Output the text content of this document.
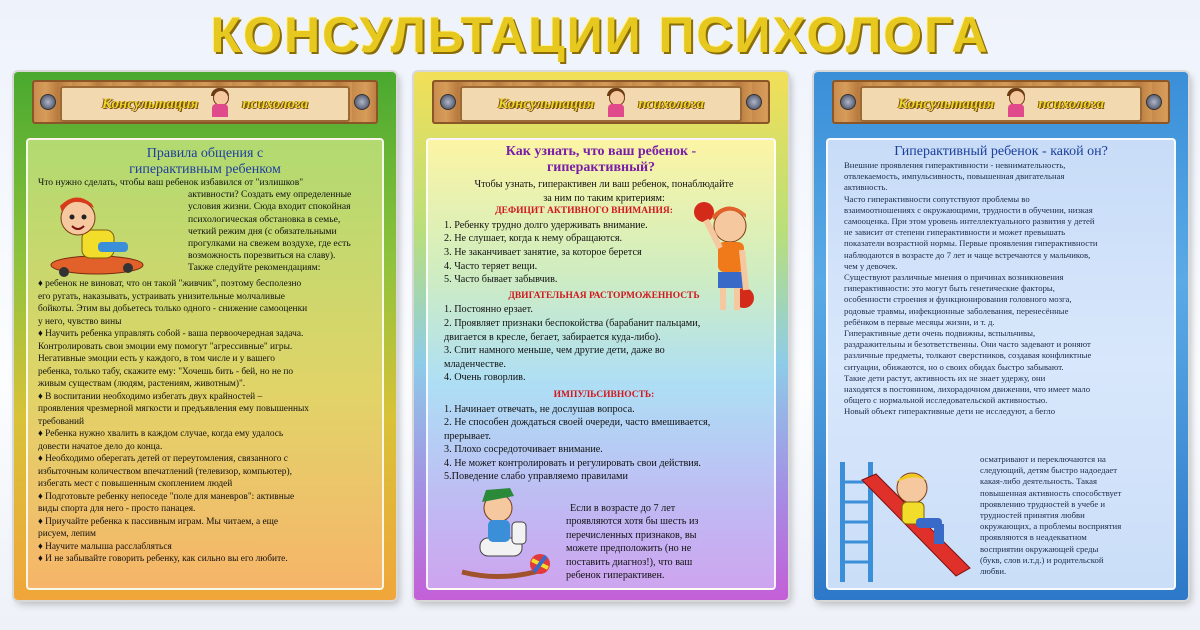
КОНСУЛЬТАЦИИ ПСИХОЛОГА
Консультация	психолога
Правила общения с
гиперактивным ребенком
Что нужно сделать, чтобы ваш ребенок избавился от "излишков"
активности? Создать ему определенные
условия жизни. Сюда входит спокойная
психологическая обстановка в семье,
четкий режим дня (с обязательными
прогулками на свежем воздухе, где есть
возможность порезвиться на славу).
Также следуйте рекомендациям:
♦ ребенок не виноват, что он такой "живчик", поэтому бесполезно
его ругать, наказывать, устраивать унизительные молчаливые
бойкоты. Этим вы добьетесь только одного - снижение самооценки
у него, чувство вины
♦ Научить ребенка управлять собой - ваша первоочередная задача.
Контролировать свои эмоции ему помогут "агрессивные" игры.
Негативные эмоции есть у каждого, в том числе и у вашего
ребенка, только табу, скажите ему: "Хочешь бить - бей, но не по
живым существам (людям, растениям, животным)".
♦ В воспитании необходимо избегать двух крайностей –
проявления чрезмерной мягкости и предъявления ему повышенных
требований
♦ Ребенка нужно хвалить в каждом случае, когда ему удалось
довести начатое дело до конца.
♦ Необходимо оберегать детей от переутомления, связанного с
избыточным количеством впечатлений (телевизор, компьютер),
избегать мест с повышенным скоплением людей
♦ Подготовьте ребенку непоседе "поле для маневров": активные
виды спорта для него - просто панацея.
♦ Приучайте ребенка к пассивным играм. Мы читаем, а еще
рисуем, лепим
♦ Научите малыша расслабляться
♦ И не забывайте говорить ребенку, как сильно вы его любите.
Консультация	психолога
Как узнать, что ваш ребенок -
гиперактивный?
Чтобы узнать, гиперактивен ли ваш ребенок, понаблюдайте
за ним по таким критериям:
ДЕФИЦИТ АКТИВНОГО ВНИМАНИЯ:
1. Ребенку трудно долго удерживать внимание.
2. Не слушает, когда к нему обращаются.
3. Не заканчивает занятие, за которое берется
4. Часто теряет вещи.
5. Часто бывает забывчив.
ДВИГАТЕЛЬНАЯ РАСТОРМОЖЕННОСТЬ
1. Постоянно ерзает.
2. Проявляет признаки беспокойства (барабанит пальцами,
двигается в кресле, бегает, забирается куда-либо).
3. Спит намного меньше, чем другие дети, даже во
младенчестве.
4. Очень говорлив.
ИМПУЛЬСИВНОСТЬ:
1. Начинает отвечать, не дослушав вопроса.
2. Не способен дождаться своей очереди, часто вмешивается,
прерывает.
3. Плохо сосредоточивает внимание.
4. Не может контролировать и регулировать свои действия.
5.Поведение слабо управляемо правилами
Если в возрасте до 7 лет
проявляются хотя бы шесть из
перечисленных признаков, вы
можете предположить (но не
поставить диагноз!), что ваш
ребенок гиперактивен.
Консультация	психолога
Гиперактивный ребенок - какой он?
Внешние проявления гиперактивности - невнимательность,
отвлекаемость, импульсивность, повышенная двигательная
активность.
Часто гиперактивности сопутствуют проблемы во
взаимоотношениях с окружающими, трудности в обучении, низкая
самооценка. При этом уровень интеллектуального развития у детей
не зависит от степени гиперактивности и может превышать
показатели возрастной нормы. Первые проявления гиперактивности
наблюдаются в возрасте до 7 лет и чаще встречаются у мальчиков,
чем у девочек.
Существуют различные мнения о причинах возникновения
гиперактивности: это могут быть генетические факторы,
особенности строения и функционирования головного мозга,
родовые травмы, инфекционные заболевания, перенесённые
ребёнком в первые месяцы жизни, и т. д.
Гиперактивные дети очень подвижны, вспыльчивы,
раздражительны и безответственны. Они часто задевают и роняют
различные предметы, толкают сверстников, создавая конфликтные
ситуации, обижаются, но о своих обидах быстро забывают.
Такие дети растут, активность их не знает удержу, они
находятся в постоянном, лихорадочном движении, что имеет мало
общего с нормальной исследовательской активностью.
Новый объект гиперактивные дети не исследуют, а бегло
осматривают и переключаются на
следующий, детям быстро надоедает
какая-либо деятельность. Такая
повышенная активность способствует
проявлению трудностей в учебе и
трудностей принятия любви
окружающих, а проблемы восприятия
проявляются в неадекватном
восприятии окружающей среды
(букв, слов и.т.д.) и родительской
любви.
